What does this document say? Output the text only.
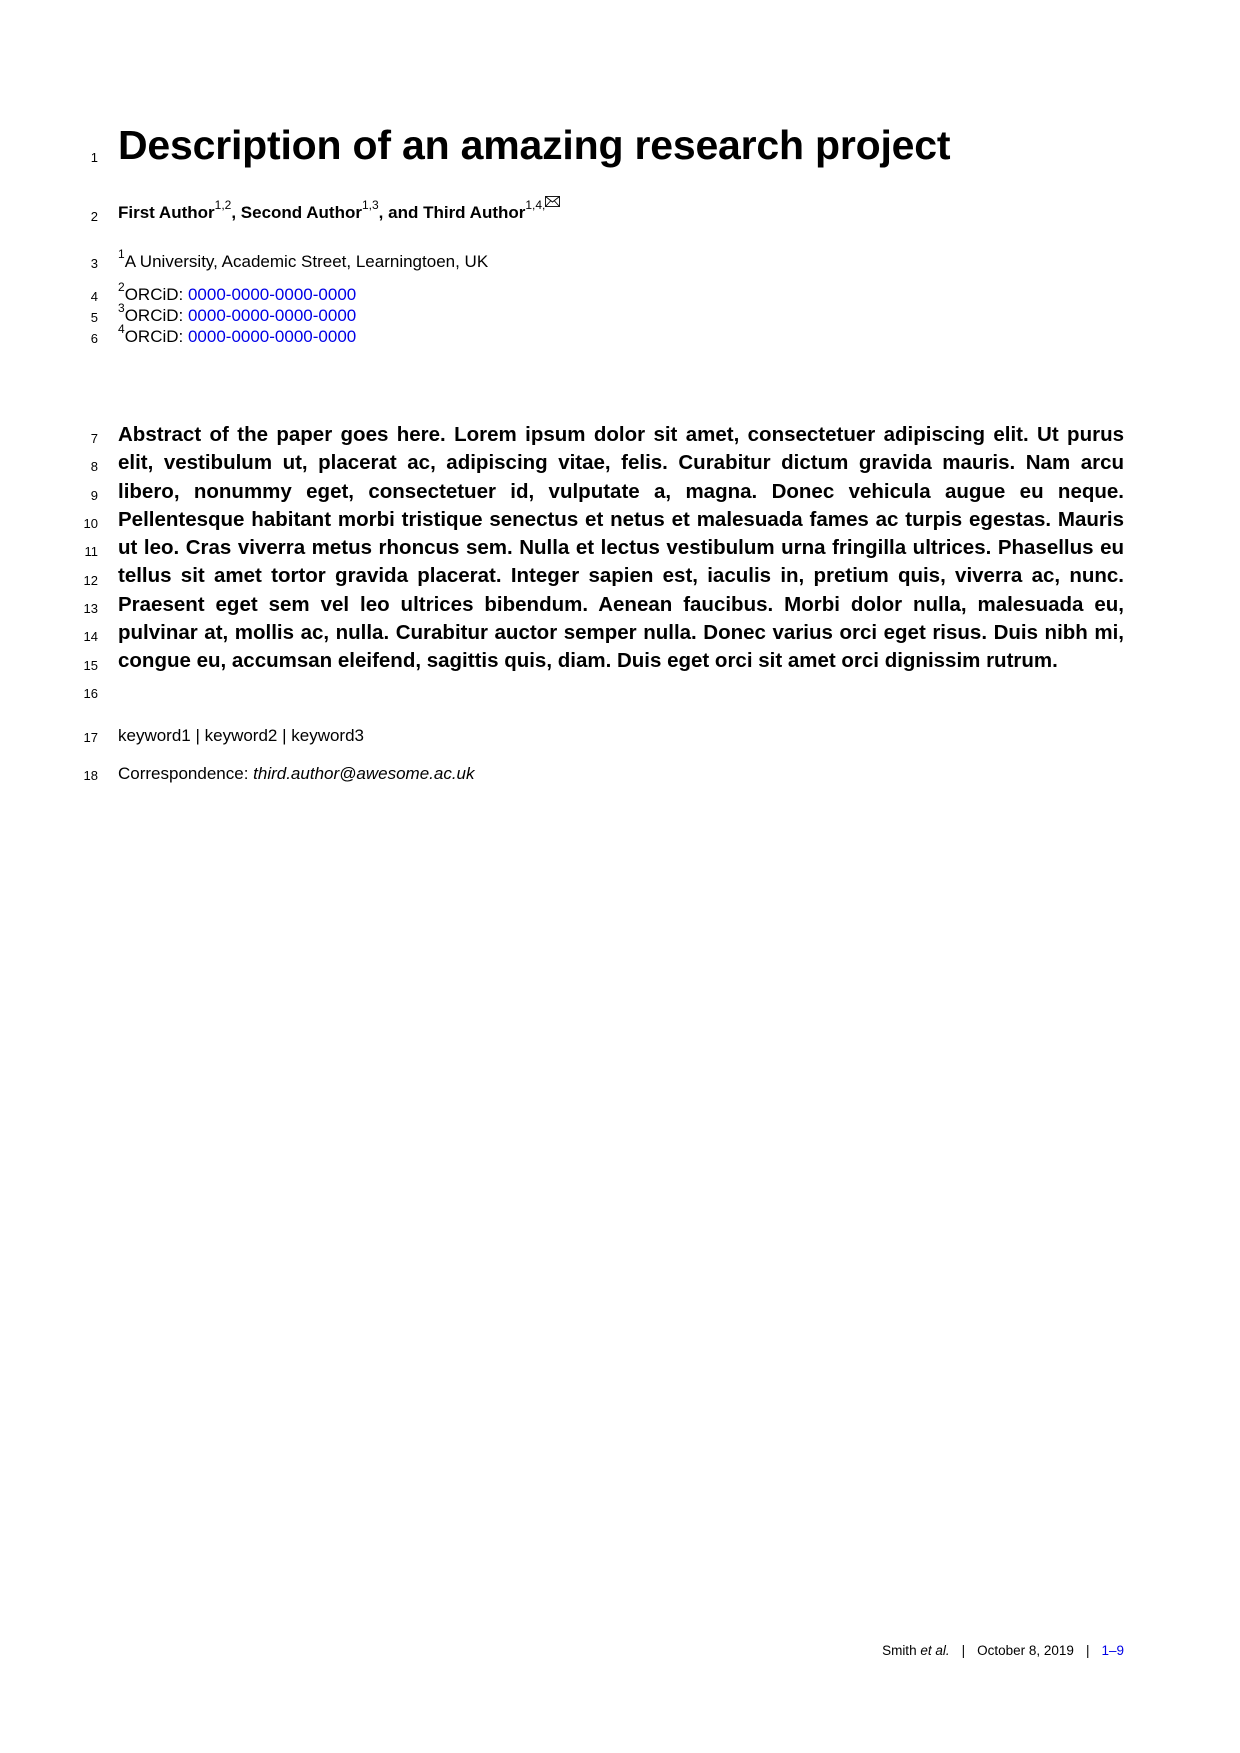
1
2
3
4
5
6
7
8
9
10
11
12
13
14
15
16
17
18
Description of an amazing research project
First Author$^{1,2}$, Second Author$^{1,3}$, and Third Author$^{1,4,}$
$^1$A University, Academic Street, Learningtoen, UK
$^2$ORCiD: 0000-0000-0000-0000
$^3$ORCiD: 0000-0000-0000-0000
$^4$ORCiD: 0000-0000-0000-0000

Abstract of the paper goes here. Lorem ipsum dolor sit amet, consectetuer adipiscing elit. Ut purus elit, vestibulum ut, placerat ac, adipiscing vitae, felis. Curabitur dictum gravida mauris. Nam arcu libero, nonummy eget, consectetuer id, vulputate a, magna. Donec vehicula augue eu neque. Pellentesque habitant morbi tristique senectus et netus et malesuada fames ac turpis egestas. Mauris ut leo. Cras viverra metus rhoncus sem. Nulla et lectus vestibulum urna fringilla ultrices. Phasellus eu tellus sit amet tortor gravida placerat. Integer sapien est, iaculis in, pretium quis, viverra ac, nunc. Praesent eget sem vel leo ultrices bibendum. Aenean faucibus. Morbi dolor nulla, malesuada eu, pulvinar at, mollis ac, nulla. Curabitur auctor semper nulla. Donec varius orci eget risus. Duis nibh mi, congue eu, accumsan eleifend, sagittis quis, diam. Duis eget orci sit amet orci dignissim rutrum.

keyword1 | keyword2 | keyword3
Correspondence: third.author@awesome.ac.uk
Smith et al. | October 8, 2019 | 1–9
